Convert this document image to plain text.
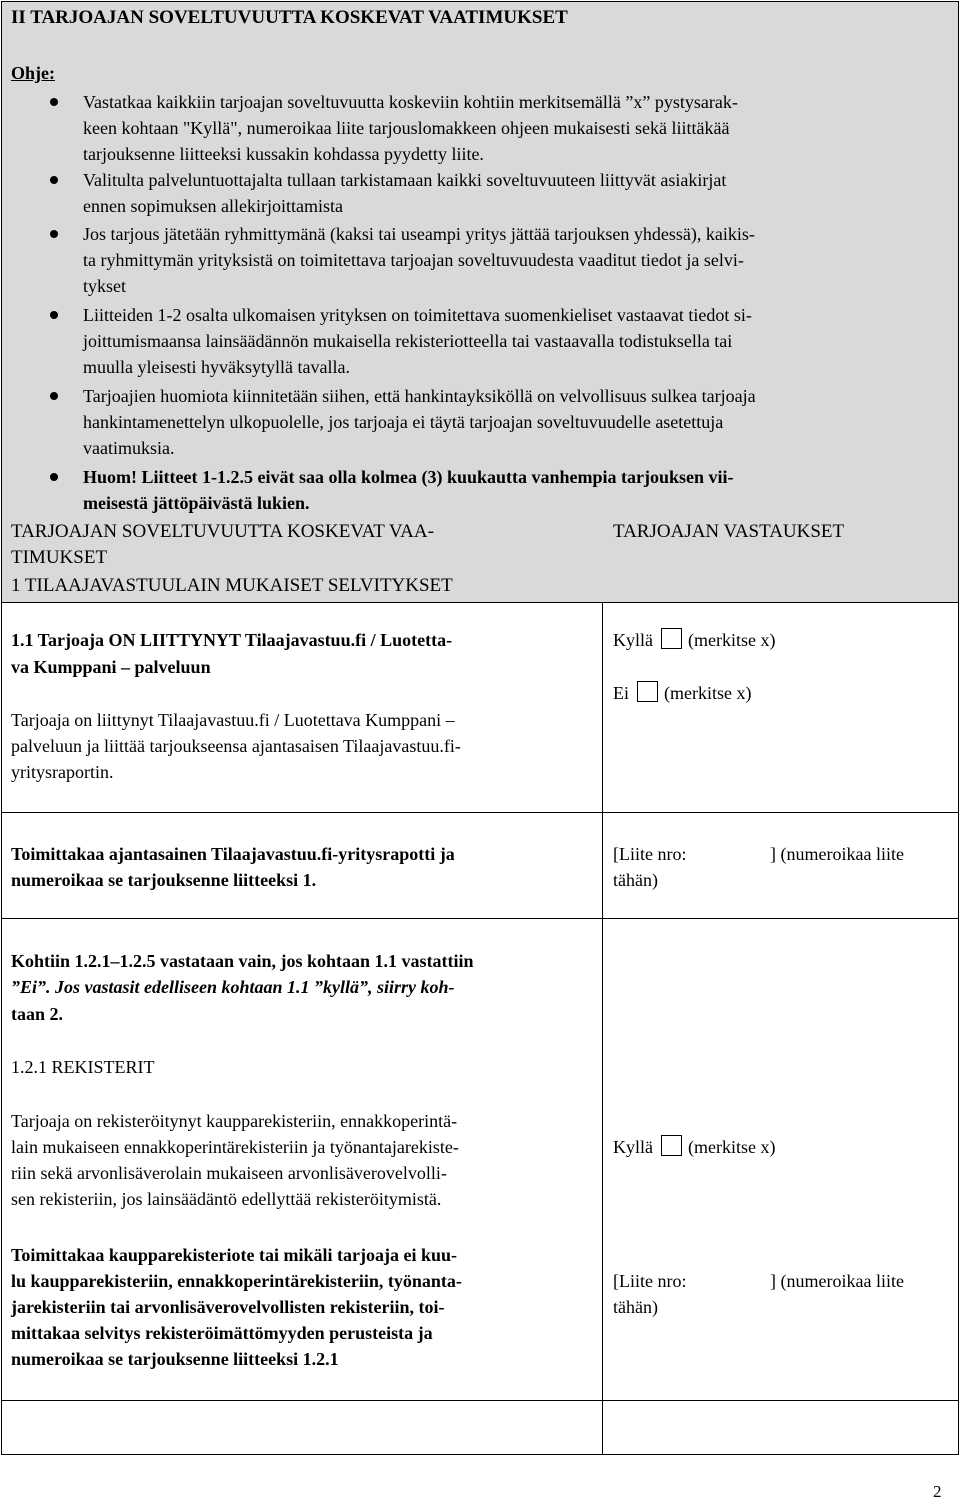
II TARJOAJAN SOVELTUVUUTTA KOSKEVAT VAATIMUKSET
Ohje:
Vastatkaa kaikkiin tarjoajan soveltuvuutta koskeviin kohtiin merkitsemällä ”x” pystysarak-
keen kohtaan "Kyllä", numeroikaa liite tarjouslomakkeen ohjeen mukaisesti sekä liittäkää
tarjouksenne liitteeksi kussakin kohdassa pyydetty liite.
Valitulta palveluntuottajalta tullaan tarkistamaan kaikki soveltuvuuteen liittyvät asiakirjat
ennen sopimuksen allekirjoittamista
Jos tarjous jätetään ryhmittymänä (kaksi tai useampi yritys jättää tarjouksen yhdessä), kaikis-
ta ryhmittymän yrityksistä on toimitettava tarjoajan soveltuvuudesta vaaditut tiedot ja selvi-
tykset
Liitteiden 1-2 osalta ulkomaisen yrityksen on toimitettava suomenkieliset vastaavat tiedot si-
joittumismaansa lainsäädännön mukaisella rekisteriotteella tai vastaavalla todistuksella tai
muulla yleisesti hyväksytyllä tavalla.
Tarjoajien huomiota kiinnitetään siihen, että hankintayksiköllä on velvollisuus sulkea tarjoaja
hankintamenettelyn ulkopuolelle, jos tarjoaja ei täytä tarjoajan soveltuvuudelle asetettuja
vaatimuksia.
Huom! Liitteet 1-1.2.5 eivät saa olla kolmea (3) kuukautta vanhempia tarjouksen vii-
meisestä jättöpäivästä lukien.
TARJOAJAN SOVELTUVUUTTA KOSKEVAT VAA-
TIMUKSET
1 TILAAJAVASTUULAIN MUKAISET SELVITYKSET
TARJOAJAN VASTAUKSET
1.1 Tarjoaja ON LIITTYNYT Tilaajavastuu.fi / Luotetta-
va Kumppani – palveluun
Tarjoaja on liittynyt Tilaajavastuu.fi / Luotettava Kumppani –
palveluun ja liittää tarjoukseensa ajantasaisen Tilaajavastuu.fi-
yritysraportin.
Kyllä (merkitse x)
Ei (merkitse x)
Toimittakaa ajantasainen Tilaajavastuu.fi-yritysrapotti ja
numeroikaa se tarjouksenne liitteeksi 1.
[Liite nro:	] (numeroikaa liite
tähän)
Kohtiin 1.2.1–1.2.5 vastataan vain, jos kohtaan 1.1 vastattiin
”Ei”. Jos vastasit edelliseen kohtaan 1.1 ”kyllä”, siirry koh-
taan 2.
1.2.1 REKISTERIT
Tarjoaja on rekisteröitynyt kaupparekisteriin, ennakkoperintä-
lain mukaiseen ennakkoperintärekisteriin ja työnantajarekiste-
riin sekä arvonlisäverolain mukaiseen arvonlisäverovelvolli-
sen rekisteriin, jos lainsäädäntö edellyttää rekisteröitymistä.
Kyllä (merkitse x)
Toimittakaa kaupparekisteriote tai mikäli tarjoaja ei kuu-
lu kaupparekisteriin, ennakkoperintärekisteriin, työnanta-
jarekisteriin tai arvonlisäverovelvollisten rekisteriin, toi-
mittakaa selvitys rekisteröimättömyyden perusteista ja
numeroikaa se tarjouksenne liitteeksi 1.2.1
[Liite nro:	] (numeroikaa liite
tähän)
2
